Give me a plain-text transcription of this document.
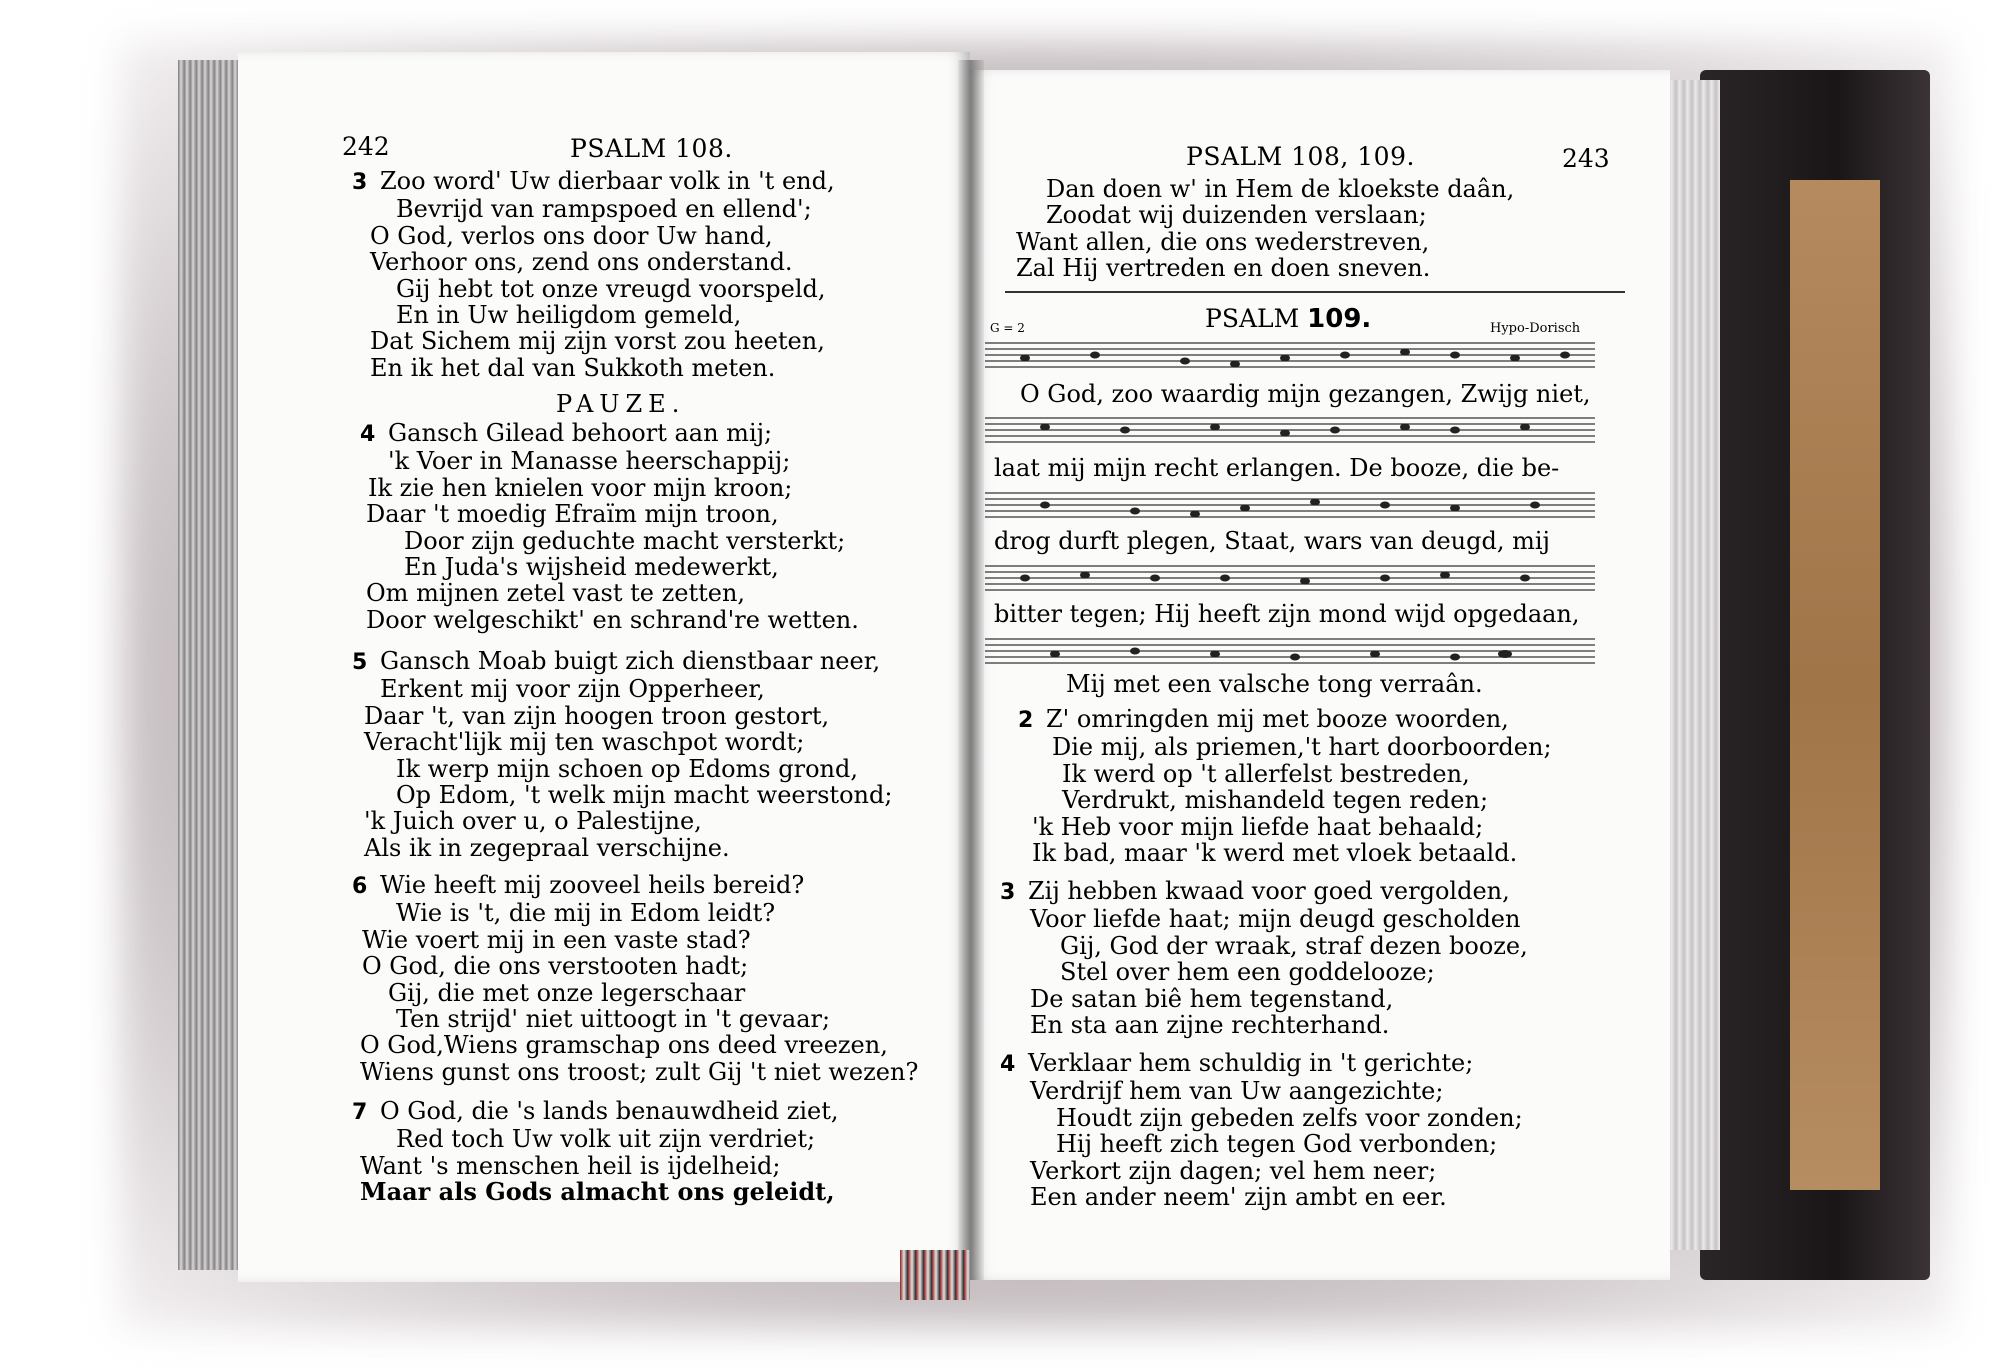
242	PSALM 108.
3 Zoo word' Uw dierbaar volk in 't end,
Bevrijd van rampspoed en ellend';
O God, verlos ons door Uw hand,
Verhoor ons, zend ons onderstand.
Gij hebt tot onze vreugd voorspeld,
En in Uw heiligdom gemeld,
Dat Sichem mij zijn vorst zou heeten,
En ik het dal van Sukkoth meten.
PAUZE.
4 Gansch Gilead behoort aan mij;
'k Voer in Manasse heerschappij;
Ik zie hen knielen voor mijn kroon;
Daar 't moedig Efraïm mijn troon,
Door zijn geduchte macht versterkt;
En Juda's wijsheid medewerkt,
Om mijnen zetel vast te zetten,
Door welgeschikt' en schrand're wetten.
5 Gansch Moab buigt zich dienstbaar neer,
Erkent mij voor zijn Opperheer,
Daar 't, van zijn hoogen troon gestort,
Veracht'lijk mij ten waschpot wordt;
Ik werp mijn schoen op Edoms grond,
Op Edom, 't welk mijn macht weerstond;
'k Juich over u, o Palestijne,
Als ik in zegepraal verschijne.
6 Wie heeft mij zooveel heils bereid?
Wie is 't, die mij in Edom leidt?
Wie voert mij in een vaste stad?
O God, die ons verstooten hadt;
Gij, die met onze legerschaar
Ten strijd' niet uittoogt in 't gevaar;
O God,Wiens gramschap ons deed vreezen,
Wiens gunst ons troost; zult Gij 't niet wezen?
7 O God, die 's lands benauwdheid ziet,
Red toch Uw volk uit zijn verdriet;
Want 's menschen heil is ijdelheid;
Maar als Gods almacht ons geleidt,
PSALM 108, 109.	243
Dan doen w' in Hem de kloekste daân,
Zoodat wij duizenden verslaan;
Want allen, die ons wederstreven,
Zal Hij vertreden en doen sneven.
G = 2	PSALM 109.	Hypo-Dorisch
O God, zoo waardig mijn gezangen, Zwijg niet,
laat mij mijn recht erlangen. De booze, die be-
drog durft plegen, Staat, wars van deugd, mij
bitter tegen; Hij heeft zijn mond wijd opgedaan,
Mij met een valsche tong verraân.
2 Z' omringden mij met booze woorden,
Die mij, als priemen,'t hart doorboorden;
Ik werd op 't allerfelst bestreden,
Verdrukt, mishandeld tegen reden;
'k Heb voor mijn liefde haat behaald;
Ik bad, maar 'k werd met vloek betaald.
3 Zij hebben kwaad voor goed vergolden,
Voor liefde haat; mijn deugd gescholden
Gij, God der wraak, straf dezen booze,
Stel over hem een goddelooze;
De satan biê hem tegenstand,
En sta aan zijne rechterhand.
4 Verklaar hem schuldig in 't gerichte;
Verdrijf hem van Uw aangezichte;
Houdt zijn gebeden zelfs voor zonden;
Hij heeft zich tegen God verbonden;
Verkort zijn dagen; vel hem neer;
Een ander neem' zijn ambt en eer.
